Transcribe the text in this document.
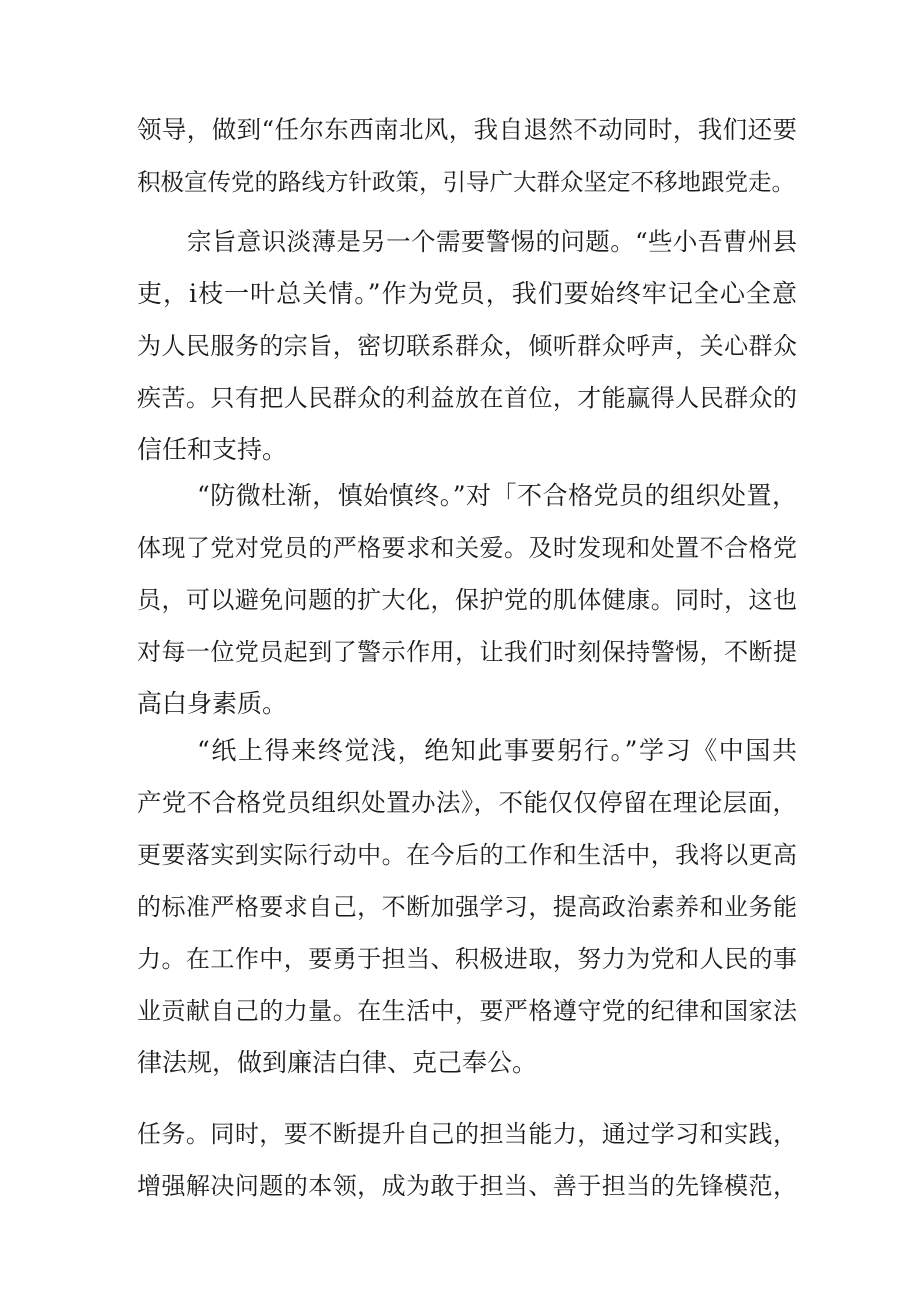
领导，做到“任尔东西南北风，我自退然不动同时，我们还要
积极宣传党的路线方针政策，引导广大群众坚定不移地跟党走。
宗旨意识淡薄是另一个需要警惕的问题。“些小吾曹州县
吏，i枝一叶总关情。”作为党员，我们要始终牢记全心全意
为人民服务的宗旨，密切联系群众，倾听群众呼声，关心群众
疾苦。只有把人民群众的利益放在首位，才能赢得人民群众的
信任和支持。
“防微杜渐，慎始慎终。”对「不合格党员的组织处置，
体现了党对党员的严格要求和关爱。及时发现和处置不合格党
员，可以避免问题的扩大化，保护党的肌体健康。同时，这也
对每一位党员起到了警示作用，让我们时刻保持警惕，不断提
高白身素质。
“纸上得来终觉浅，绝知此事要躬行。”学习《中国共
产党不合格党员组织处置办法》，不能仅仅停留在理论层面，
更要落实到实际行动中。在今后的工作和生活中，我将以更高
的标准严格要求自己，不断加强学习，提高政治素养和业务能
力。在工作中，要勇于担当、积极进取，努力为党和人民的事
业贡献自己的力量。在生活中，要严格遵守党的纪律和国家法
律法规，做到廉洁白律、克己奉公。
任务。同时，要不断提升自己的担当能力，通过学习和实践，
增强解决问题的本领，成为敢于担当、善于担当的先锋模范，
